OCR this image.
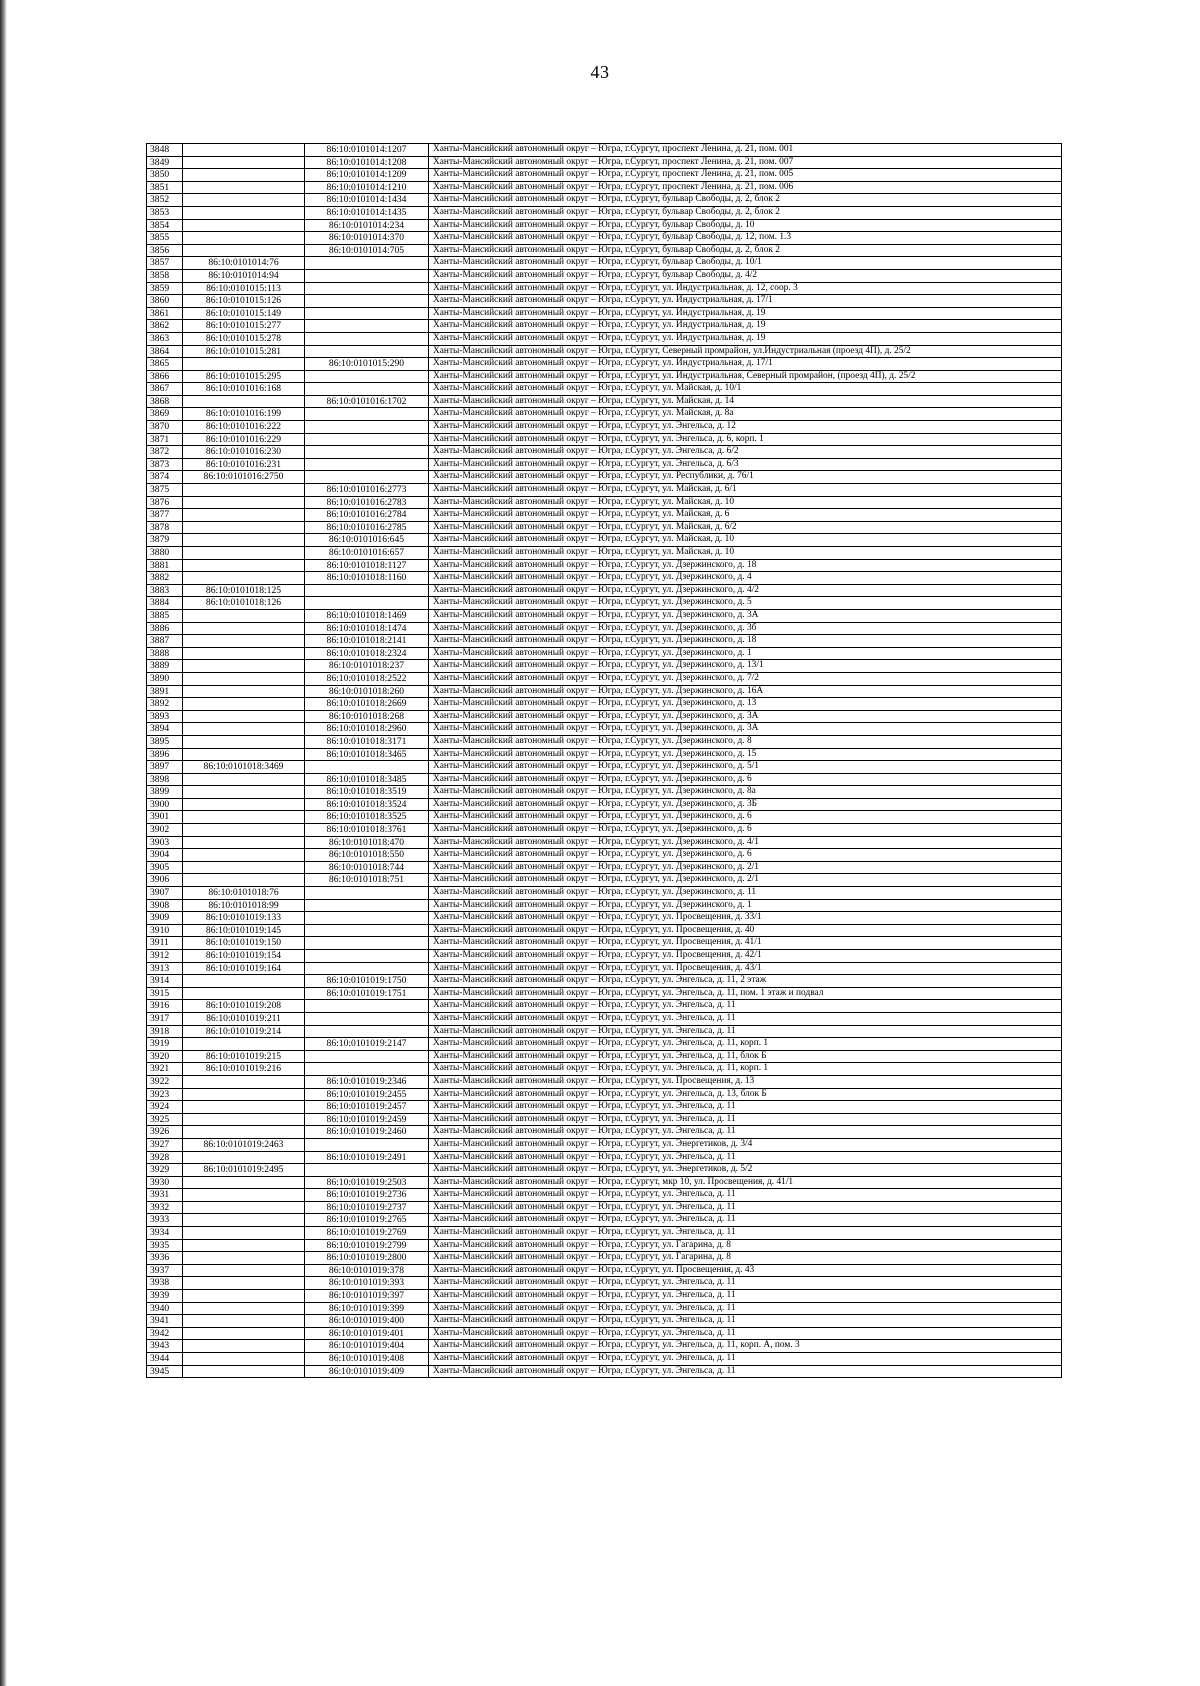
43
3848		86:10:0101014:1207	Ханты-Мансийский автономный округ – Югра, г.Сургут, проспект Ленина, д. 21, пом. 001
3849		86:10:0101014:1208	Ханты-Мансийский автономный округ – Югра, г.Сургут, проспект Ленина, д. 21, пом. 007
3850		86:10:0101014:1209	Ханты-Мансийский автономный округ – Югра, г.Сургут, проспект Ленина, д. 21, пом. 005
3851		86:10:0101014:1210	Ханты-Мансийский автономный округ – Югра, г.Сургут, проспект Ленина, д. 21, пом. 006
3852		86:10:0101014:1434	Ханты-Мансийский автономный округ – Югра, г.Сургут, бульвар Свободы, д. 2, блок 2
3853		86:10:0101014:1435	Ханты-Мансийский автономный округ – Югра, г.Сургут, бульвар Свободы, д. 2, блок 2
3854		86:10:0101014:234	Ханты-Мансийский автономный округ – Югра, г.Сургут, бульвар Свободы, д. 10
3855		86:10:0101014:370	Ханты-Мансийский автономный округ – Югра, г.Сургут, бульвар Свободы, д. 12, пом. 1.3
3856		86:10:0101014:705	Ханты-Мансийский автономный округ – Югра, г.Сургут, бульвар Свободы, д. 2, блок 2
3857	86:10:0101014:76		Ханты-Мансийский автономный округ – Югра, г.Сургут, бульвар Свободы, д. 10/1
3858	86:10:0101014:94		Ханты-Мансийский автономный округ – Югра, г.Сургут, бульвар Свободы, д. 4/2
3859	86:10:0101015:113		Ханты-Мансийский автономный округ – Югра, г.Сургут, ул. Индустриальная, д. 12, соор. 3
3860	86:10:0101015:126		Ханты-Мансийский автономный округ – Югра, г.Сургут, ул. Индустриальная, д. 17/1
3861	86:10:0101015:149		Ханты-Мансийский автономный округ – Югра, г.Сургут, ул. Индустриальная, д. 19
3862	86:10:0101015:277		Ханты-Мансийский автономный округ – Югра, г.Сургут, ул. Индустриальная, д. 19
3863	86:10:0101015:278		Ханты-Мансийский автономный округ – Югра, г.Сургут, ул. Индустриальная, д. 19
3864	86:10:0101015:281		Ханты-Мансийский автономный округ – Югра, г.Сургут, Северный промрайон, ул.Индустриальная (проезд 4П), д. 25/2
3865		86:10:0101015:290	Ханты-Мансийский автономный округ – Югра, г.Сургут, ул. Индустриальная, д. 17/1
3866	86:10:0101015:295		Ханты-Мансийский автономный округ – Югра, г.Сургут, ул. Индустриальная, Северный промрайон, (проезд 4П), д. 25/2
3867	86:10:0101016:168		Ханты-Мансийский автономный округ – Югра, г.Сургут, ул. Майская, д. 10/1
3868		86:10:0101016:1702	Ханты-Мансийский автономный округ – Югра, г.Сургут, ул. Майская, д. 14
3869	86:10:0101016:199		Ханты-Мансийский автономный округ – Югра, г.Сургут, ул. Майская, д. 8а
3870	86:10:0101016:222		Ханты-Мансийский автономный округ – Югра, г.Сургут, ул. Энгельса, д. 12
3871	86:10:0101016:229		Ханты-Мансийский автономный округ – Югра, г.Сургут, ул. Энгельса, д. 6, корп. 1
3872	86:10:0101016:230		Ханты-Мансийский автономный округ – Югра, г.Сургут, ул. Энгельса, д. 6/2
3873	86:10:0101016:231		Ханты-Мансийский автономный округ – Югра, г.Сургут, ул. Энгельса, д. 6/3
3874	86:10:0101016:2750		Ханты-Мансийский автономный округ – Югра, г.Сургут, ул. Республики, д. 76/1
3875		86:10:0101016:2773	Ханты-Мансийский автономный округ – Югра, г.Сургут, ул. Майская, д. 6/1
3876		86:10:0101016:2783	Ханты-Мансийский автономный округ – Югра, г.Сургут, ул. Майская, д. 10
3877		86:10:0101016:2784	Ханты-Мансийский автономный округ – Югра, г.Сургут, ул. Майская, д. 6
3878		86:10:0101016:2785	Ханты-Мансийский автономный округ – Югра, г.Сургут, ул. Майская, д. 6/2
3879		86:10:0101016:645	Ханты-Мансийский автономный округ – Югра, г.Сургут, ул. Майская, д. 10
3880		86:10:0101016:657	Ханты-Мансийский автономный округ – Югра, г.Сургут, ул. Майская, д. 10
3881		86:10:0101018:1127	Ханты-Мансийский автономный округ – Югра, г.Сургут, ул. Дзержинского, д. 18
3882		86:10:0101018:1160	Ханты-Мансийский автономный округ – Югра, г.Сургут, ул. Дзержинского, д. 4
3883	86:10:0101018:125		Ханты-Мансийский автономный округ – Югра, г.Сургут, ул. Дзержинского, д. 4/2
3884	86:10:0101018:126		Ханты-Мансийский автономный округ – Югра, г.Сургут, ул. Дзержинского, д. 5
3885		86:10:0101018:1469	Ханты-Мансийский автономный округ – Югра, г.Сургут, ул. Дзержинского, д. 3А
3886		86:10:0101018:1474	Ханты-Мансийский автономный округ – Югра, г.Сургут, ул. Дзержинского, д. 3б
3887		86:10:0101018:2141	Ханты-Мансийский автономный округ – Югра, г.Сургут, ул. Дзержинского, д. 18
3888		86:10:0101018:2324	Ханты-Мансийский автономный округ – Югра, г.Сургут, ул. Дзержинского, д. 1
3889		86:10:0101018:237	Ханты-Мансийский автономный округ – Югра, г.Сургут, ул. Дзержинского, д. 13/1
3890		86:10:0101018:2522	Ханты-Мансийский автономный округ – Югра, г.Сургут, ул. Дзержинского, д. 7/2
3891		86:10:0101018:260	Ханты-Мансийский автономный округ – Югра, г.Сургут, ул. Дзержинского, д. 16А
3892		86:10:0101018:2669	Ханты-Мансийский автономный округ – Югра, г.Сургут, ул. Дзержинского, д. 13
3893		86:10:0101018:268	Ханты-Мансийский автономный округ – Югра, г.Сургут, ул. Дзержинского, д. 3А
3894		86:10:0101018:2960	Ханты-Мансийский автономный округ – Югра, г.Сургут, ул. Дзержинского, д. 3А
3895		86:10:0101018:3171	Ханты-Мансийский автономный округ – Югра, г.Сургут, ул. Дзержинского, д. 8
3896		86:10:0101018:3465	Ханты-Мансийский автономный округ – Югра, г.Сургут, ул. Дзержинского, д. 15
3897	86:10:0101018:3469		Ханты-Мансийский автономный округ – Югра, г.Сургут, ул. Дзержинского, д. 5/1
3898		86:10:0101018:3485	Ханты-Мансийский автономный округ – Югра, г.Сургут, ул. Дзержинского, д. 6
3899		86:10:0101018:3519	Ханты-Мансийский автономный округ – Югра, г.Сургут, ул. Дзержинского, д. 8а
3900		86:10:0101018:3524	Ханты-Мансийский автономный округ – Югра, г.Сургут, ул. Дзержинского, д. 3Б
3901		86:10:0101018:3525	Ханты-Мансийский автономный округ – Югра, г.Сургут, ул. Дзержинского, д. 6
3902		86:10:0101018:3761	Ханты-Мансийский автономный округ – Югра, г.Сургут, ул. Дзержинского, д. 6
3903		86:10:0101018:470	Ханты-Мансийский автономный округ – Югра, г.Сургут, ул. Дзержинского, д. 4/1
3904		86:10:0101018:550	Ханты-Мансийский автономный округ – Югра, г.Сургут, ул. Дзержинского, д. 6
3905		86:10:0101018:744	Ханты-Мансийский автономный округ – Югра, г.Сургут, ул. Дзержинского, д. 2/1
3906		86:10:0101018:751	Ханты-Мансийский автономный округ – Югра, г.Сургут, ул. Дзержинского, д. 2/1
3907	86:10:0101018:76		Ханты-Мансийский автономный округ – Югра, г.Сургут, ул. Дзержинского, д. 11
3908	86:10:0101018:99		Ханты-Мансийский автономный округ – Югра, г.Сургут, ул. Дзержинского, д. 1
3909	86:10:0101019:133		Ханты-Мансийский автономный округ – Югра, г.Сургут, ул. Просвещения, д. 33/1
3910	86:10:0101019:145		Ханты-Мансийский автономный округ – Югра, г.Сургут, ул. Просвещения, д. 40
3911	86:10:0101019:150		Ханты-Мансийский автономный округ – Югра, г.Сургут, ул. Просвещения, д. 41/1
3912	86:10:0101019:154		Ханты-Мансийский автономный округ – Югра, г.Сургут, ул. Просвещения, д. 42/1
3913	86:10:0101019:164		Ханты-Мансийский автономный округ – Югра, г.Сургут, ул. Просвещения, д. 43/1
3914		86:10:0101019:1750	Ханты-Мансийский автономный округ – Югра, г.Сургут, ул. Энгельса, д. 11, 2 этаж
3915		86:10:0101019:1751	Ханты-Мансийский автономный округ – Югра, г.Сургут, ул. Энгельса, д. 11, пом. 1 этаж и подвал
3916	86:10:0101019:208		Ханты-Мансийский автономный округ – Югра, г.Сургут, ул. Энгельса, д. 11
3917	86:10:0101019:211		Ханты-Мансийский автономный округ – Югра, г.Сургут, ул. Энгельса, д. 11
3918	86:10:0101019:214		Ханты-Мансийский автономный округ – Югра, г.Сургут, ул. Энгельса, д. 11
3919		86:10:0101019:2147	Ханты-Мансийский автономный округ – Югра, г.Сургут, ул. Энгельса, д. 11, корп. 1
3920	86:10:0101019:215		Ханты-Мансийский автономный округ – Югра, г.Сургут, ул. Энгельса, д. 11, блок Б
3921	86:10:0101019:216		Ханты-Мансийский автономный округ – Югра, г.Сургут, ул. Энгельса, д. 11, корп. 1
3922		86:10:0101019:2346	Ханты-Мансийский автономный округ – Югра, г.Сургут, ул. Просвещения, д. 13
3923		86:10:0101019:2455	Ханты-Мансийский автономный округ – Югра, г.Сургут, ул. Энгельса, д. 13, блок Б
3924		86:10:0101019:2457	Ханты-Мансийский автономный округ – Югра, г.Сургут, ул. Энгельса, д. 11
3925		86:10:0101019:2459	Ханты-Мансийский автономный округ – Югра, г.Сургут, ул. Энгельса, д. 11
3926		86:10:0101019:2460	Ханты-Мансийский автономный округ – Югра, г.Сургут, ул. Энгельса, д. 11
3927	86:10:0101019:2463		Ханты-Мансийский автономный округ – Югра, г.Сургут, ул. Энергетиков, д. 3/4
3928		86:10:0101019:2491	Ханты-Мансийский автономный округ – Югра, г.Сургут, ул. Энгельса, д. 11
3929	86:10:0101019:2495		Ханты-Мансийский автономный округ – Югра, г.Сургут, ул. Энергетиков, д. 5/2
3930		86:10:0101019:2503	Ханты-Мансийский автономный округ – Югра, г.Сургут, мкр 10, ул. Просвещения, д. 41/1
3931		86:10:0101019:2736	Ханты-Мансийский автономный округ – Югра, г.Сургут, ул. Энгельса, д. 11
3932		86:10:0101019:2737	Ханты-Мансийский автономный округ – Югра, г.Сургут, ул. Энгельса, д. 11
3933		86:10:0101019:2765	Ханты-Мансийский автономный округ – Югра, г.Сургут, ул. Энгельса, д. 11
3934		86:10:0101019:2769	Ханты-Мансийский автономный округ – Югра, г.Сургут, ул. Энгельса, д. 11
3935		86:10:0101019:2799	Ханты-Мансийский автономный округ – Югра, г.Сургут, ул. Гагарина, д. 8
3936		86:10:0101019:2800	Ханты-Мансийский автономный округ – Югра, г.Сургут, ул. Гагарина, д. 8
3937		86:10:0101019:378	Ханты-Мансийский автономный округ – Югра, г.Сургут, ул. Просвещения, д. 43
3938		86:10:0101019:393	Ханты-Мансийский автономный округ – Югра, г.Сургут, ул. Энгельса, д. 11
3939		86:10:0101019:397	Ханты-Мансийский автономный округ – Югра, г.Сургут, ул. Энгельса, д. 11
3940		86:10:0101019:399	Ханты-Мансийский автономный округ – Югра, г.Сургут, ул. Энгельса, д. 11
3941		86:10:0101019:400	Ханты-Мансийский автономный округ – Югра, г.Сургут, ул. Энгельса, д. 11
3942		86:10:0101019:401	Ханты-Мансийский автономный округ – Югра, г.Сургут, ул. Энгельса, д. 11
3943		86:10:0101019:404	Ханты-Мансийский автономный округ – Югра, г.Сургут, ул. Энгельса, д. 11, корп. А, пом. 3
3944		86:10:0101019:408	Ханты-Мансийский автономный округ – Югра, г.Сургут, ул. Энгельса, д. 11
3945		86:10:0101019:409	Ханты-Мансийский автономный округ – Югра, г.Сургут, ул. Энгельса, д. 11
